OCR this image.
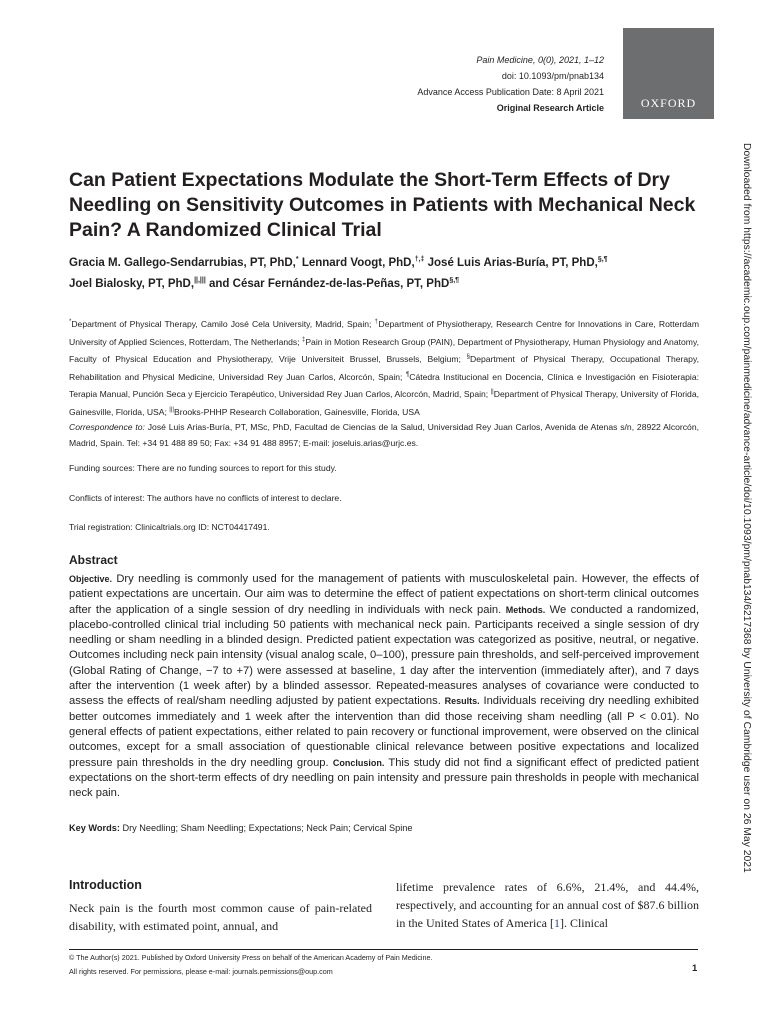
Pain Medicine, 0(0), 2021, 1–12
doi: 10.1093/pm/pnab134
Advance Access Publication Date: 8 April 2021
Original Research Article	OXFORD
Downloaded from https://academic.oup.com/painmedicine/advance-article/doi/10.1093/pm/pnab134/6217368 by University of Cambridge user on 26 May 2021
Can Patient Expectations Modulate the Short-Term Effects of Dry Needling on Sensitivity Outcomes in Patients with Mechanical Neck Pain? A Randomized Clinical Trial

Gracia M. Gallego-Sendarrubias, PT, PhD,* Lennard Voogt, PhD,†,‡ José Luis Arias-Buría, PT, PhD,§,¶
Joel Bialosky, PT, PhD,||,||| and César Fernández-de-las-Peñas, PT, PhD§,¶

*Department of Physical Therapy, Camilo José Cela University, Madrid, Spain; †Department of Physiotherapy, Research Centre for Innovations in Care, Rotterdam University of Applied Sciences, Rotterdam, The Netherlands; ‡Pain in Motion Research Group (PAIN), Department of Physiotherapy, Human Physiology and Anatomy, Faculty of Physical Education and Physiotherapy, Vrije Universiteit Brussel, Brussels, Belgium; §Department of Physical Therapy, Occupational Therapy, Rehabilitation and Physical Medicine, Universidad Rey Juan Carlos, Alcorcón, Spain; ¶Cátedra Institucional en Docencia, Clínica e Investigación en Fisioterapia: Terapia Manual, Punción Seca y Ejercicio Terapéutico, Universidad Rey Juan Carlos, Alcorcón, Madrid, Spain; ||Department of Physical Therapy, University of Florida, Gainesville, Florida, USA; |||Brooks-PHHP Research Collaboration, Gainesville, Florida, USA

Correspondence to: José Luis Arias-Buría, PT, MSc, PhD, Facultad de Ciencias de la Salud, Universidad Rey Juan Carlos, Avenida de Atenas s/n, 28922 Alcorcón, Madrid, Spain. Tel: +34 91 488 89 50; Fax: +34 91 488 8957; E-mail: joseluis.arias@urjc.es.

Funding sources: There are no funding sources to report for this study.

Conflicts of interest: The authors have no conflicts of interest to declare.

Trial registration: Clinicaltrials.org ID: NCT04417491.

Abstract

Objective. Dry needling is commonly used for the management of patients with musculoskeletal pain. However, the effects of patient expectations are uncertain. Our aim was to determine the effect of patient expectations on short-term clinical outcomes after the application of a single session of dry needling in individuals with neck pain. Methods. We conducted a randomized, placebo-controlled clinical trial including 50 patients with mechanical neck pain. Participants received a single session of dry needling or sham needling in a blinded design. Predicted patient expectation was categorized as positive, neutral, or negative. Outcomes including neck pain intensity (visual analog scale, 0–100), pressure pain thresholds, and self-perceived improvement (Global Rating of Change, −7 to +7) were assessed at baseline, 1 day after the intervention (immediately after), and 7 days after the intervention (1 week after) by a blinded assessor. Repeated-measures analyses of covariance were conducted to assess the effects of real/sham needling adjusted by patient expectations. Results. Individuals receiving dry needling exhibited better outcomes immediately and 1 week after the intervention than did those receiving sham needling (all P < 0.01). No general effects of patient expectations, either related to pain recovery or functional improvement, were observed on the clinical outcomes, except for a small association of questionable clinical relevance between positive expectations and localized pressure pain thresholds in the dry needling group. Conclusion. This study did not find a significant effect of predicted patient expectations on the short-term effects of dry needling on pain intensity and pressure pain thresholds in people with mechanical neck pain.

Key Words: Dry Needling; Sham Needling; Expectations; Neck Pain; Cervical Spine

Introduction

Neck pain is the fourth most common cause of pain-related disability, with estimated point, annual, and

lifetime prevalence rates of 6.6%, 21.4%, and 44.4%, respectively, and accounting for an annual cost of $87.6 billion in the United States of America [1]. Clinical

© The Author(s) 2021. Published by Oxford University Press on behalf of the American Academy of Pain Medicine.
All rights reserved. For permissions, please e-mail: journals.permissions@oup.com	1
